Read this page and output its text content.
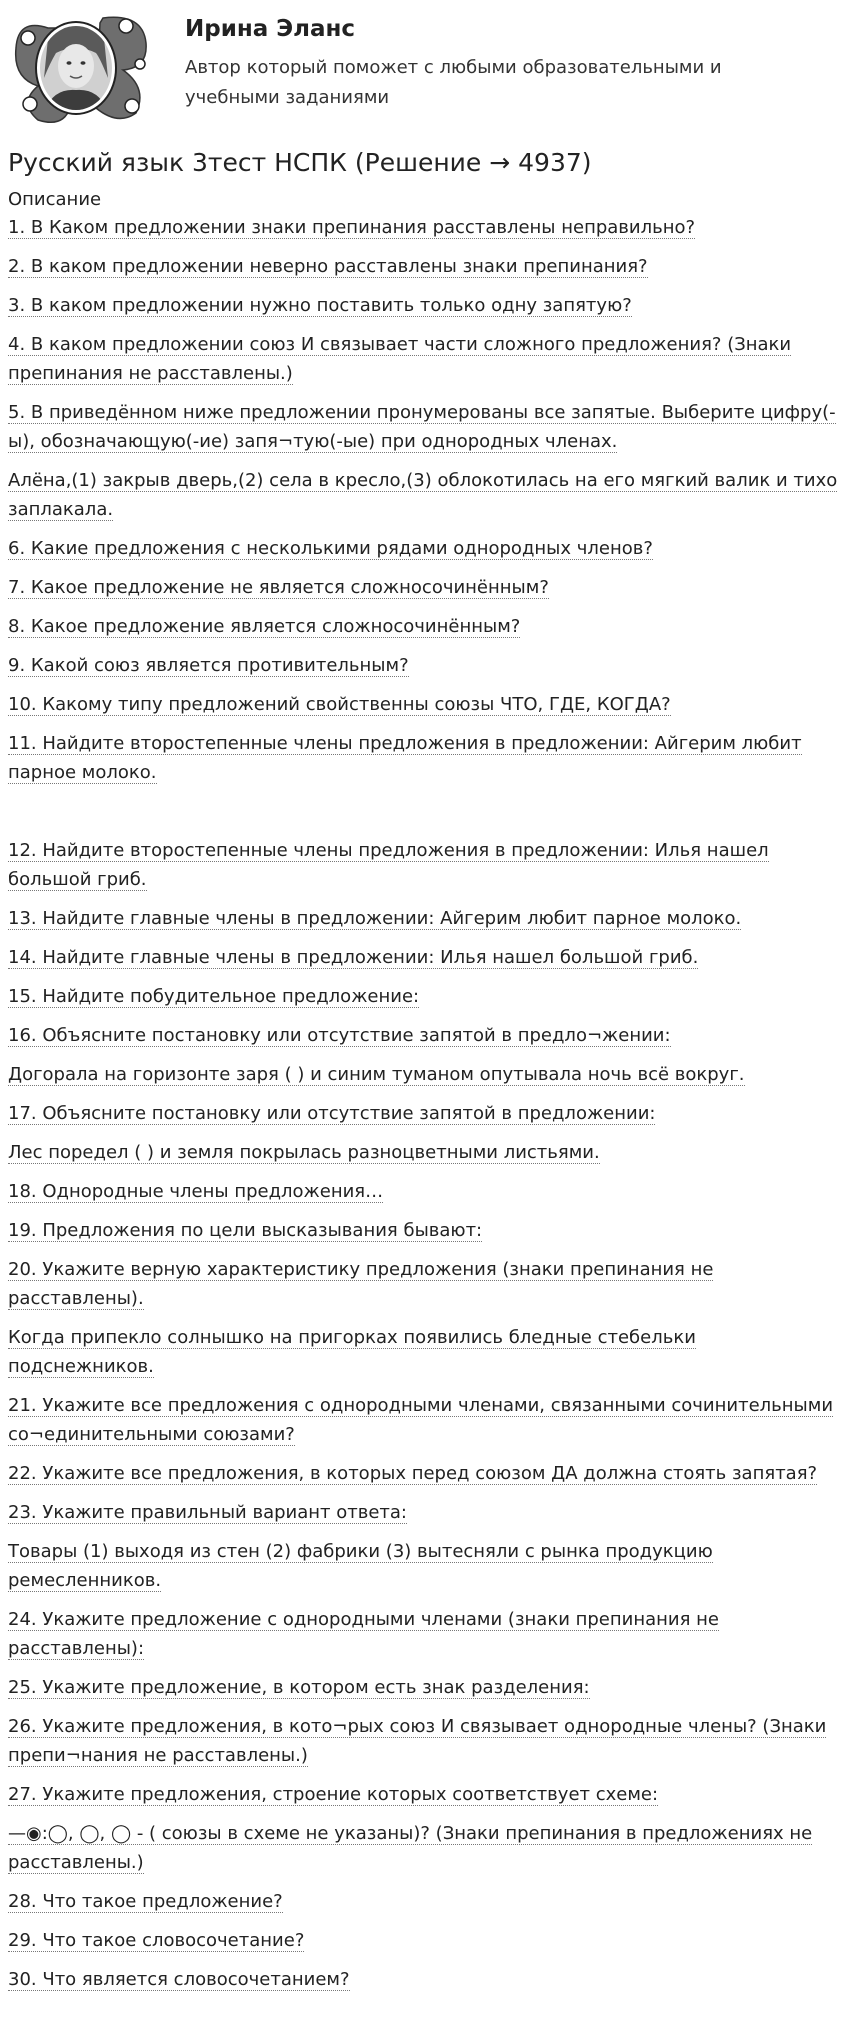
Ирина Эланс
Автор который поможет с любыми образовательными и учебными заданиями
Русский язык 3тест НСПК (Решение → 4937)
Описание

1. В Каком предложении знаки препинания расставлены неправильно?

2. В каком предложении неверно расставлены знаки препинания?

3. В каком предложении нужно поставить только одну запятую?

4. В каком предложении союз И связывает части сложного предложения? (Знаки препинания не расставлены.)

5. В приведённом ниже предложении пронумерованы все запятые. Выберите цифру(-ы), обозначающую(-ие) запя¬тую(-ые) при однородных членах.

Алёна,(1) закрыв дверь,(2) села в кресло,(3) облокотилась на его мягкий валик и тихо заплакала.

6. Какие предложения с несколькими рядами однородных членов?

7. Какое предложение не является сложносочинённым?

8. Какое предложение является сложносочинённым?

9. Какой союз является противительным?

10. Какому типу предложений свойственны союзы ЧТО, ГДЕ, КОГДА?

11. Найдите второстепенные члены предложения в предложении: Айгерим любит парное молоко.

12. Найдите второстепенные члены предложения в предложении: Илья нашел большой гриб.

13. Найдите главные члены в предложении: Айгерим любит парное молоко.

14. Найдите главные члены в предложении: Илья нашел большой гриб.

15. Найдите побудительное предложение:

16. Объясните постановку или отсутствие запятой в предло¬жении:

Догорала на горизонте заря ( ) и синим туманом опутывала ночь всё вокруг.

17. Объясните постановку или отсутствие запятой в предложении:

Лес поредел ( ) и земля покрылась разноцветными листьями.

18. Однородные члены предложения…

19. Предложения по цели высказывания бывают:

20. Укажите верную характеристику предложения (знаки препинания не расставлены).

Когда припекло солнышко на пригорках появились бледные стебельки подснежников.

21. Укажите все предложения с однородными членами, связанными сочинительными со¬единительными союзами?

22. Укажите все предложения, в которых перед союзом ДА должна стоять запятая?

23. Укажите правильный вариант ответа:

Товары (1) выходя из стен (2) фабрики (3) вытесняли с рынка продукцию ремесленников.

24. Укажите предложение с однородными членами (знаки препинания не расставлены):

25. Укажите предложение, в котором есть знак разделения:

26. Укажите предложения, в кото¬рых союз И связывает однородные члены? (Знаки препи¬нания не расставлены.)

27. Укажите предложения, строение которых соответствует схеме:

—◉:◯, ◯, ◯ - ( союзы в схеме не указаны)? (Знаки препинания в предложениях не расставлены.)

28. Что такое предложение?

29. Что такое словосочетание?

30. Что является словосочетанием?
